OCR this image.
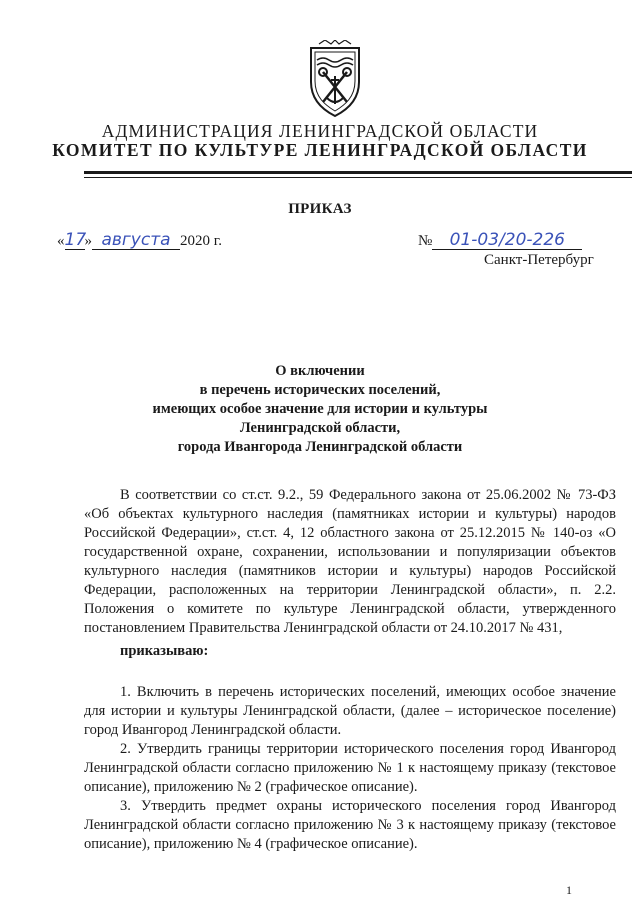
АДМИНИСТРАЦИЯ ЛЕНИНГРАДСКОЙ ОБЛАСТИ
КОМИТЕТ ПО КУЛЬТУРЕ ЛЕНИНГРАДСКОЙ ОБЛАСТИ
ПРИКАЗ
«17» августа 2020 г.	№ 01-03/20-226
Санкт-Петербург
О включении
в перечень исторических поселений,
имеющих особое значение для истории и культуры
Ленинградской области,
города Ивангорода Ленинградской области
В соответствии со ст.ст. 9.2., 59 Федерального закона от 25.06.2002 № 73-ФЗ «Об объектах культурного наследия (памятниках истории и культуры) народов Российской Федерации», ст.ст. 4, 12 областного закона от 25.12.2015 № 140-оз «О государственной охране, сохранении, использовании и популяризации объектов культурного наследия (памятников истории и культуры) народов Российской Федерации, расположенных на территории Ленинградской области», п. 2.2. Положения о комитете по культуре Ленинградской области, утвержденного постановлением Правительства Ленинградской области от 24.10.2017 № 431,
приказываю:
1. Включить в перечень исторических поселений, имеющих особое значение для истории и культуры Ленинградской области, (далее – историческое поселение) город Ивангород Ленинградской области.
2. Утвердить границы территории исторического поселения город Ивангород Ленинградской области согласно приложению № 1 к настоящему приказу (текстовое описание), приложению № 2 (графическое описание).
3. Утвердить предмет охраны исторического поселения город Ивангород Ленинградской области согласно приложению № 3 к настоящему приказу (текстовое описание), приложению № 4 (графическое описание).
1
